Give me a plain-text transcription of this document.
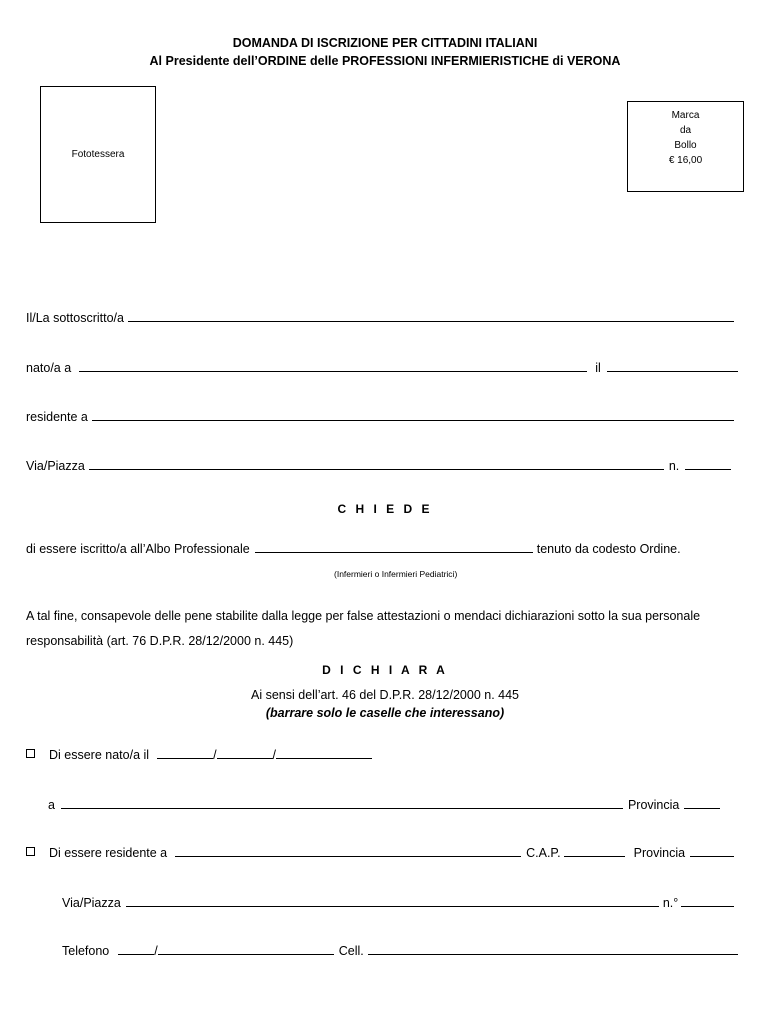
DOMANDA DI ISCRIZIONE PER CITTADINI ITALIANI
Al Presidente dell’ORDINE delle PROFESSIONI INFERMIERISTICHE di VERONA
Fototessera
Marca
da
Bollo
€ 16,00
Il/La sottoscritto/a
nato/a a	il
residente a
Via/Piazza	n.
C H I E D E
di essere iscritto/a all’Albo Professionale	tenuto da codesto Ordine.
(Infermieri o Infermieri Pediatrici)
A tal fine, consapevole delle pene stabilite dalla legge per false attestazioni o mendaci dichiarazioni sotto la sua personale responsabilità (art. 76 D.P.R. 28/12/2000 n. 445)
D I C H I A R A
Ai sensi dell’art. 46 del D.P.R. 28/12/2000 n. 445
(barrare solo le caselle che interessano)
Di essere nato/a il	/	/
a	Provincia
Di essere residente a	C.A.P.	Provincia
Via/Piazza	n.°
Telefono	/	Cell.
